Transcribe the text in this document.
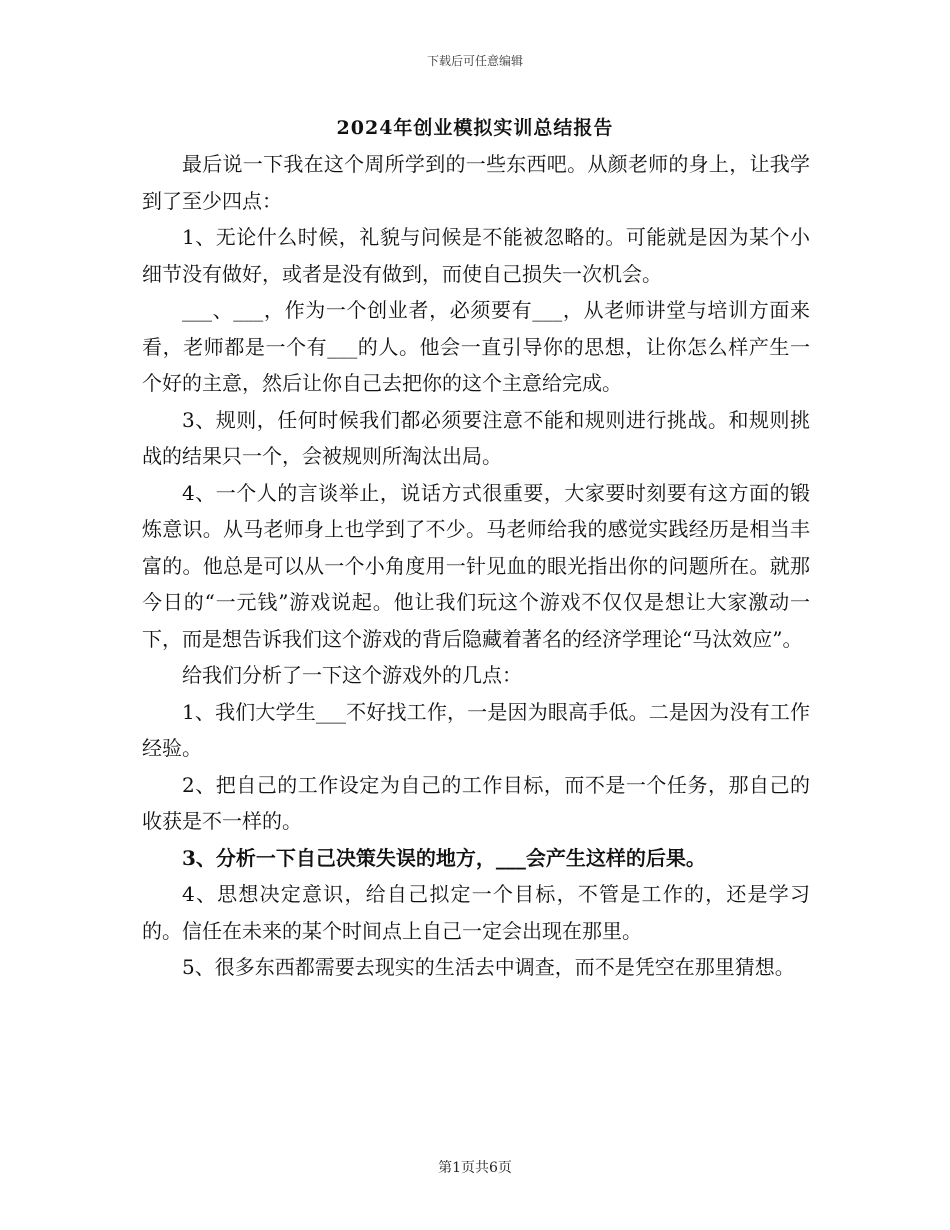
下载后可任意编辑
2024年创业模拟实训总结报告

最后说一下我在这个周所学到的一些东西吧。从颜老师的身上，让我学到了至少四点：

1、无论什么时候，礼貌与问候是不能被忽略的。可能就是因为某个小细节没有做好，或者是没有做到，而使自己损失一次机会。

___、___，作为一个创业者，必须要有___，从老师讲堂与培训方面来看，老师都是一个有___的人。他会一直引导你的思想，让你怎么样产生一个好的主意，然后让你自己去把你的这个主意给完成。

3、规则，任何时候我们都必须要注意不能和规则进行挑战。和规则挑战的结果只一个，会被规则所淘汰出局。

4、一个人的言谈举止，说话方式很重要，大家要时刻要有这方面的锻炼意识。从马老师身上也学到了不少。马老师给我的感觉实践经历是相当丰富的。他总是可以从一个小角度用一针见血的眼光指出你的问题所在。就那今日的“一元钱”游戏说起。他让我们玩这个游戏不仅仅是想让大家激动一下，而是想告诉我们这个游戏的背后隐藏着著名的经济学理论“马汰效应”。

给我们分析了一下这个游戏外的几点：

1、我们大学生___不好找工作，一是因为眼高手低。二是因为没有工作经验。

2、把自己的工作设定为自己的工作目标，而不是一个任务，那自己的收获是不一样的。

3、分析一下自己决策失误的地方，___会产生这样的后果。

4、思想决定意识，给自己拟定一个目标，不管是工作的，还是学习的。信任在未来的某个时间点上自己一定会出现在那里。

5、很多东西都需要去现实的生活去中调查，而不是凭空在那里猜想。

第1页共6页
